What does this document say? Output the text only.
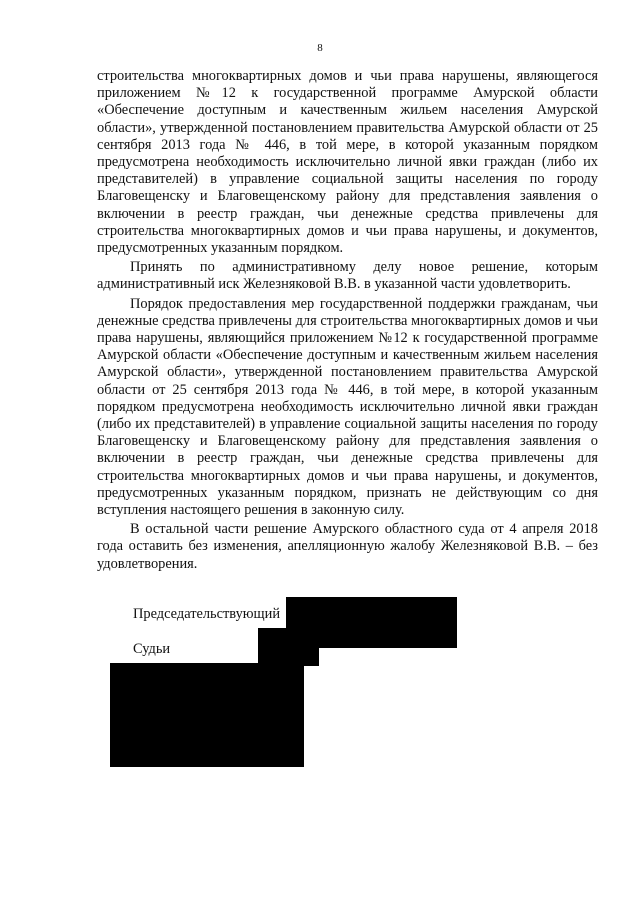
8

строительства многоквартирных домов и чьи права нарушены, являющегося приложением №12 к государственной программе Амурской области «Обеспечение доступным и качественным жильем населения Амурской области», утвержденной постановлением правительства Амурской области от 25 сентября 2013 года № 446, в той мере, в которой указанным порядком предусмотрена необходимость исключительно личной явки граждан (либо их представителей) в управление социальной защиты населения по городу Благовещенску и Благовещенскому району для представления заявления о включении в реестр граждан, чьи денежные средства привлечены для строительства многоквартирных домов и чьи права нарушены, и документов, предусмотренных указанным порядком.

Принять по административному делу новое решение, которым административный иск Железняковой В.В. в указанной части удовлетворить.

Порядок предоставления мер государственной поддержки гражданам, чьи денежные средства привлечены для строительства многоквартирных домов и чьи права нарушены, являющийся приложением №12 к государственной программе Амурской области «Обеспечение доступным и качественным жильем населения Амурской области», утвержденной постановлением правительства Амурской области от 25 сентября 2013 года № 446, в той мере, в которой указанным порядком предусмотрена необходимость исключительно личной явки граждан (либо их представителей) в управление социальной защиты населения по городу Благовещенску и Благовещенскому району для представления заявления о включении в реестр граждан, чьи денежные средства привлечены для строительства многоквартирных домов и чьи права нарушены, и документов, предусмотренных указанным порядком, признать не действующим со дня вступления настоящего решения в законную силу.

В остальной части решение Амурского областного суда от 4 апреля 2018 года оставить без изменения, апелляционную жалобу Железняковой В.В. – без удовлетворения.

Председательствующий
Судьи
